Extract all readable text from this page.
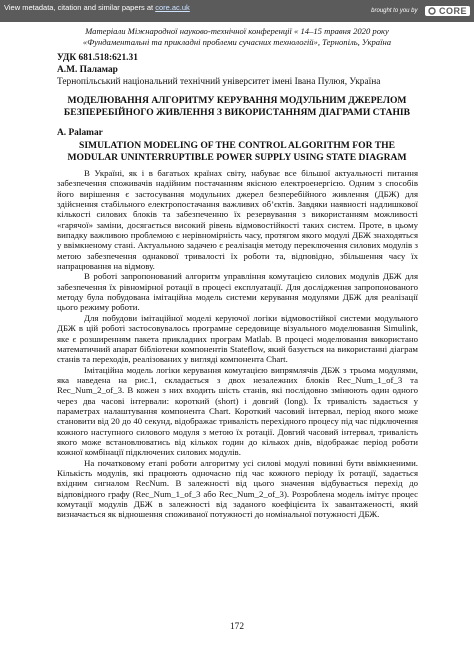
View metadata, citation and similar papers at core.ac.uk	brought to you by CORE
provided by Electronic archive of Ternopil National Ivan Puluj Technical University
Матеріали Міжнародної науково-технічної конференції « 14–15 травня 2020 року
«Фундаментальні та прикладні проблеми сучасних технологій», Тернопіль, Україна
УДК 681.518:621.31
А.М. Паламар
Тернопільський національний технічний університет імені Івана Пулюя, Україна
МОДЕЛЮВАННЯ АЛГОРИТМУ КЕРУВАННЯ МОДУЛЬНИМ ДЖЕРЕЛОМ
БЕЗПЕРЕБІЙНОГО ЖИВЛЕННЯ З ВИКОРИСТАННЯМ ДІАГРАМИ СТАНІВ
A. Palamar
SIMULATION MODELING OF THE CONTROL ALGORITHM FOR THE
MODULAR UNINTERRUPTIBLE POWER SUPPLY USING STATE DIAGRAM

В Україні, як і в багатьох країнах світу, набуває все більшої актуальності питання забезпечення споживачів надійним постачанням якісною електроенергією. Одним з способів його вирішення є застосування модульних джерел безперебійного живлення (ДБЖ) для здійснення стабільного електропостачання важливих об’єктів. Завдяки наявності надлишкової кількості силових блоків та забезпеченню їх резервування з використанням можливості «гарячої» заміни, досягається високий рівень відмовостійкості таких систем. Проте, в цьому випадку важливою проблемою є нерівномірність часу, протягом якого модулі ДБЖ знаходяться у ввімкненому стані. Актуальною задачею є реалізація методу переключення силових модулів з метою забезпечення однакової тривалості їх роботи та, відповідно, збільшення часу їх напрацювання на відмову.

В роботі запропонований алгоритм управління комутацією силових модулів ДБЖ для забезпечення їх рівномірної ротації в процесі експлуатації. Для дослідження запропонованого методу була побудована імітаційна модель системи керування модулями ДБЖ для реалізації цього режиму роботи.

Для побудови імітаційної моделі керуючої логіки відмовостійкої системи модульного ДБЖ в цій роботі застосовувалось програмне середовище візуального моделювання Simulink, яке є розширенням пакета прикладних програм Matlab. В процесі моделювання використано математичний апарат бібліотеки компонентів Stateflow, який базується на використанні діаграм станів та переходів, реалізованих у вигляді компонента Chart.

Імітаційна модель логіки керування комутацією випрямлячів ДБЖ з трьома модулями, яка наведена на рис.1, складається з двох незалежних блоків Rec_Num_1_of_3 та Rec_Num_2_of_3. В кожен з них входить шість станів, які послідовно змінюють один одного через два часові інтервали: короткий (short) і довгий (long). Їх тривалість задається у параметрах налаштування компонента Chart. Короткий часовий інтервал, період якого може становити від 20 до 40 секунд, відображає тривалість перехідного процесу під час підключення кожного наступного силового модуля з метою їх ротації. Довгий часовий інтервал, тривалість якого може встановлюватись від кількох годин до кількох днів, відображає період роботи кожної комбінації підключених силових модулів.

На початковому етапі роботи алгоритму усі силові модулі повинні бути ввімкненими. Кількість модулів, які працюють одночасно під час кожного періоду їх ротації, задається вхідним сигналом RecNum. В залежності від цього значення відбувається перехід до відповідного графу (Rec_Num_1_of_3 або Rec_Num_2_of_3). Розроблена модель імітує процес комутації модулів ДБЖ в залежності від заданого коефіцієнта їх завантаженості, який визначається як відношення споживаної потужності до номінальної потужності ДБЖ.

172
